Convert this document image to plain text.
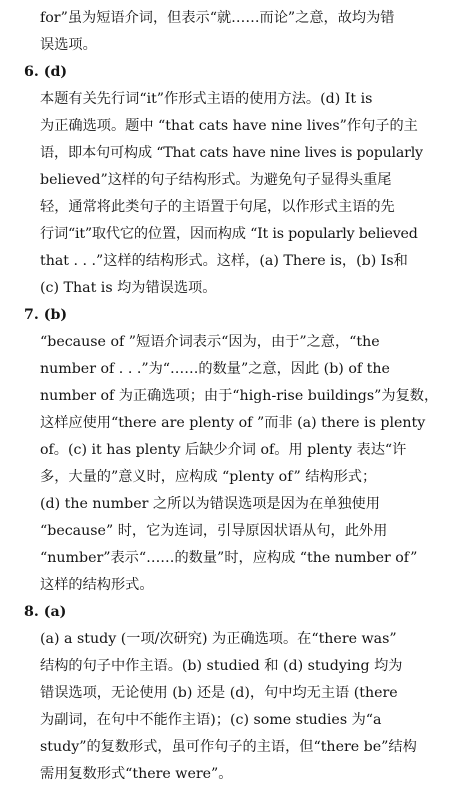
for”虽为短语介词，但表示“就……而论”之意，故均为错
误选项。
6. (d)
本题有关先行词“it”作形式主语的使用方法。(d) It is
为正确选项。题中 “that cats have nine lives”作句子的主
语，即本句可构成 “That cats have nine lives is popularly
believed”这样的句子结构形式。为避免句子显得头重尾
轻，通常将此类句子的主语置于句尾，以作形式主语的先
行词“it”取代它的位置，因而构成 “It is popularly believed
that . . .”这样的结构形式。这样，(a) There is，(b) Is和
(c) That is 均为错误选项。
7. (b)
“because of ”短语介词表示“因为，由于”之意，“the
number of . . .”为“……的数量”之意，因此 (b) of the
number of 为正确选项；由于“high-rise buildings”为复数，
这样应使用“there are plenty of ”而非 (a) there is plenty
of。(c) it has plenty 后缺少介词 of。用 plenty 表达“许
多，大量的”意义时，应构成 “plenty of” 结构形式；
(d) the number 之所以为错误选项是因为在单独使用
“because” 时，它为连词，引导原因状语从句，此外用
“number”表示“……的数量”时，应构成 “the number of”
这样的结构形式。
8. (a)
(a) a study (一项/次研究) 为正确选项。在“there was”
结构的句子中作主语。(b) studied 和 (d) studying 均为
错误选项，无论使用 (b) 还是 (d)，句中均无主语 (there
为副词，在句中不能作主语)；(c) some studies 为“a
study”的复数形式，虽可作句子的主语，但“there be”结构
需用复数形式“there were”。
